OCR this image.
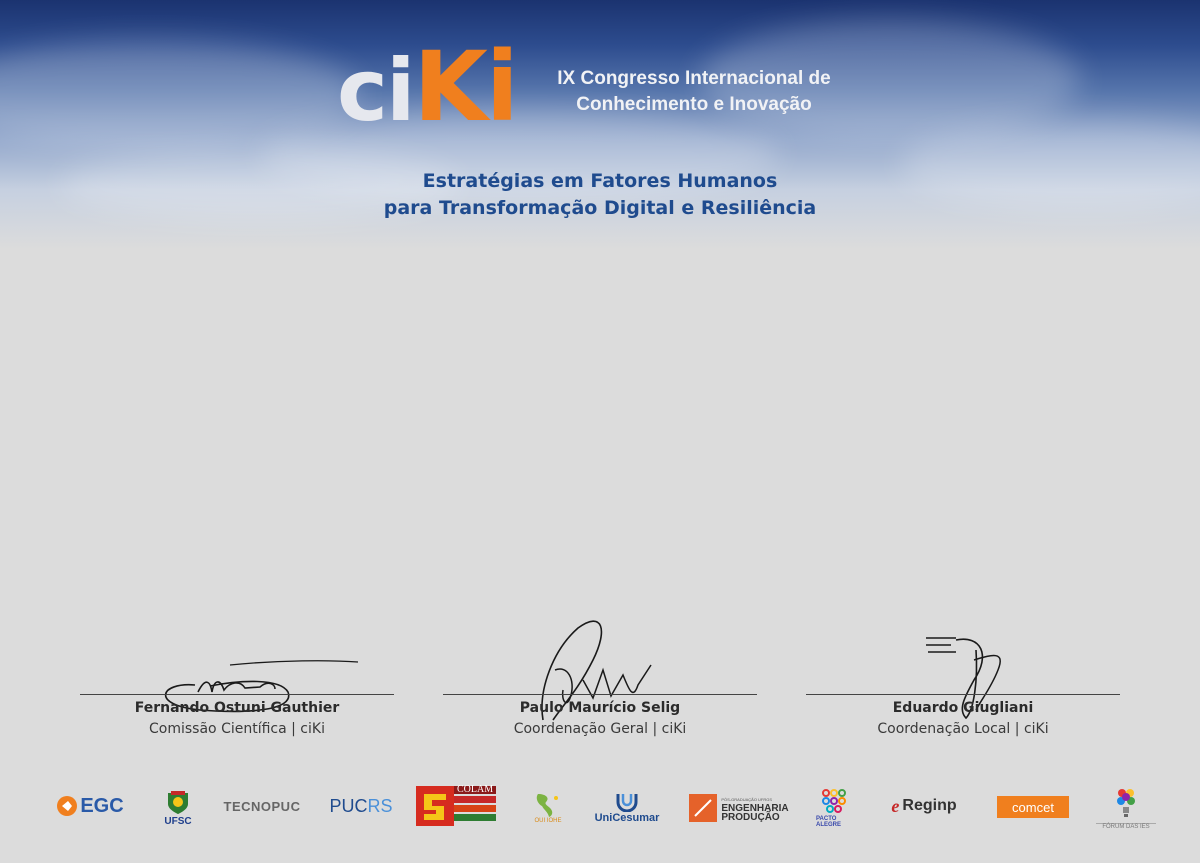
ciKi	IX Congresso Internacional de
Conhecimento e Inovação
Estratégias em Fatores Humanos
para Transformação Digital e Resiliência
Fernando Ostuni Gauthier
Comissão Científica | ciKi
Paulo Maurício Selig
Coordenação Geral | ciKi
Eduardo Giugliani
Coordenação Local | ciKi
EGC
UFSC
TECNOPUC PUC RS
COLAM
OUI IOHE	UniCesumar
PÓS-GRADUAÇÃO UFRGS
ENGENHARIA
PRODUÇÃO	PACTO ALEGRE
e Reginp	comcet
FÓRUM DAS IES
